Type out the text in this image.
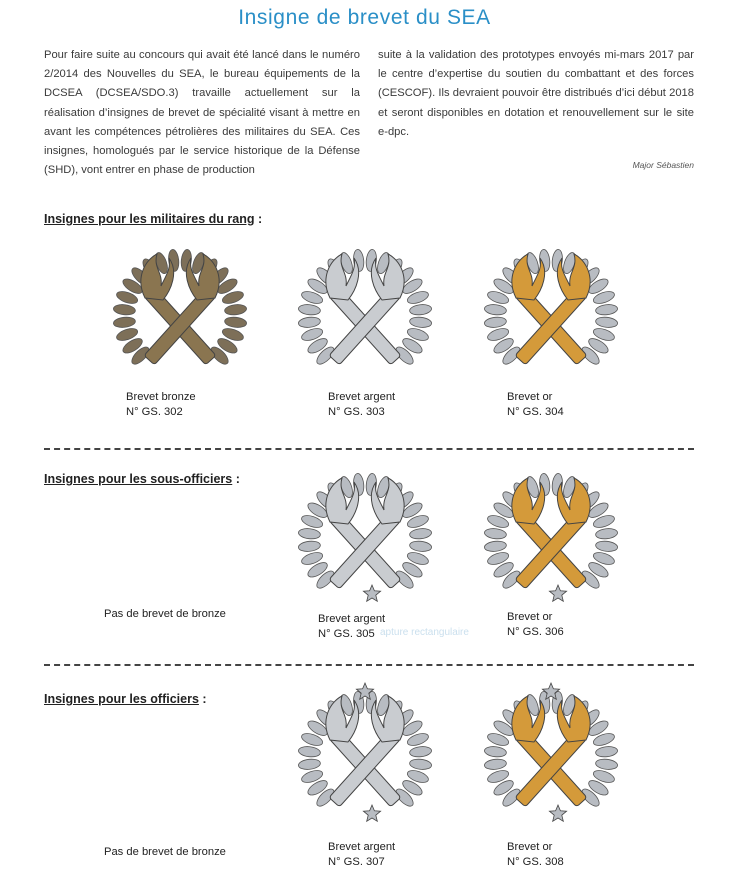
Insigne de brevet du SEA
Pour faire suite au concours qui avait été lancé dans le numéro 2/2014 des Nouvelles du SEA, le bureau équipements de la DCSEA (DCSEA/SDO.3) travaille actuellement sur la réalisation d’insignes de brevet de spécialité visant à mettre en avant les compétences pétrolières des militaires du SEA. Ces insignes, homologués par le service historique de la Défense (SHD), vont entrer en phase de production
suite à la validation des prototypes envoyés mi-mars 2017 par le centre d’expertise du soutien du combattant et des forces (CESCOF). Ils devraient pouvoir être distribués d’ici début 2018 et seront disponibles en dotation et renouvellement sur le site e-dpc.
Major Sébastien
Insignes pour les militaires du rang :
Brevet bronze
N° GS. 302
Brevet argent
N° GS. 303
Brevet or
N° GS. 304
Insignes pour les sous-officiers :
Pas de brevet de bronze	Brevet argent
N° GS. 305 apture rectangulaire
Brevet or
N° GS. 306
Insignes pour les officiers :
Pas de brevet de bronze	Brevet argent
N° GS. 307
Brevet or
N° GS. 308
